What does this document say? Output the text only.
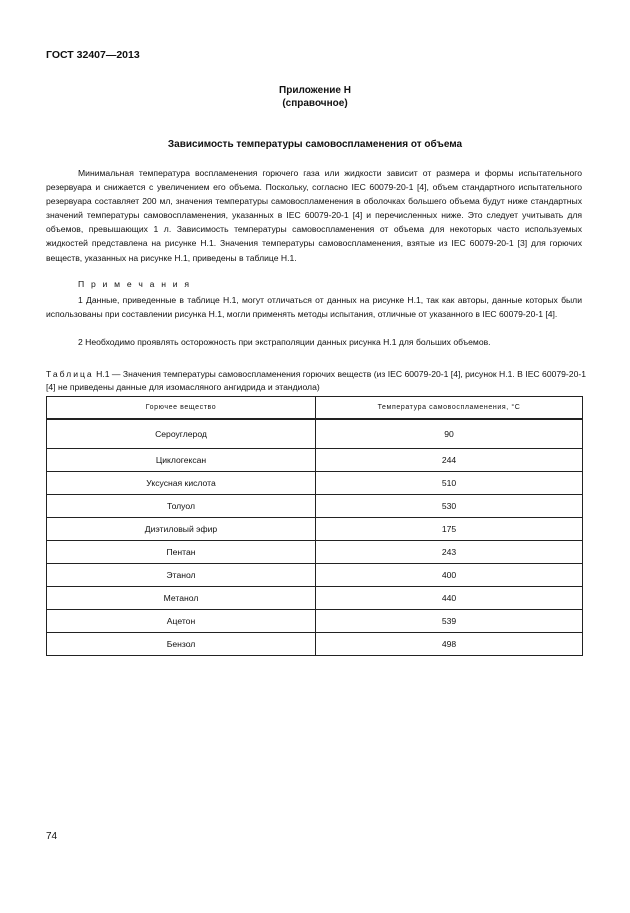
ГОСТ 32407—2013
Приложение Н
(справочное)
Зависимость температуры самовоспламенения от объема
Минимальная температура воспламенения горючего газа или жидкости зависит от размера и формы испытательного резервуара и снижается с увеличением его объема. Поскольку, согласно IEC 60079-20-1 [4], объем стандартного испытательного резервуара составляет 200 мл, значения температуры самовоспламенения в оболочках большего объема будут ниже стандартных значений температуры самовоспламенения, указанных в IEC 60079-20-1 [4] и перечисленных ниже. Это следует учитывать для объемов, превышающих 1 л. Зависимость температуры самовоспламенения от объема для некоторых часто используемых жидкостей представлена на рисунке Н.1. Значения температуры самовоспламенения, взятые из IEC 60079-20-1 [3] для горючих веществ, указанных на рисунке Н.1, приведены в таблице Н.1.
П р и м е ч а н и я
1 Данные, приведенные в таблице Н.1, могут отличаться от данных на рисунке Н.1, так как авторы, данные которых были использованы при составлении рисунка Н.1, могли применять методы испытания, отличные от указанного в IEC 60079-20-1 [4].
2 Необходимо проявлять осторожность при экстраполяции данных рисунка Н.1 для больших объемов.
Таблица Н.1 — Значения температуры самовоспламенения горючих веществ (из IEC 60079-20-1 [4], рисунок Н.1. В IEC 60079-20-1 [4] не приведены данные для изомасляного ангидрида и этандиола)
Горючее вещество	Температура самовоспламенения, °С
Сероуглерод	90
Циклогексан	244
Уксусная кислота	510
Толуол	530
Диэтиловый эфир	175
Пентан	243
Этанол	400
Метанол	440
Ацетон	539
Бензол	498
74
